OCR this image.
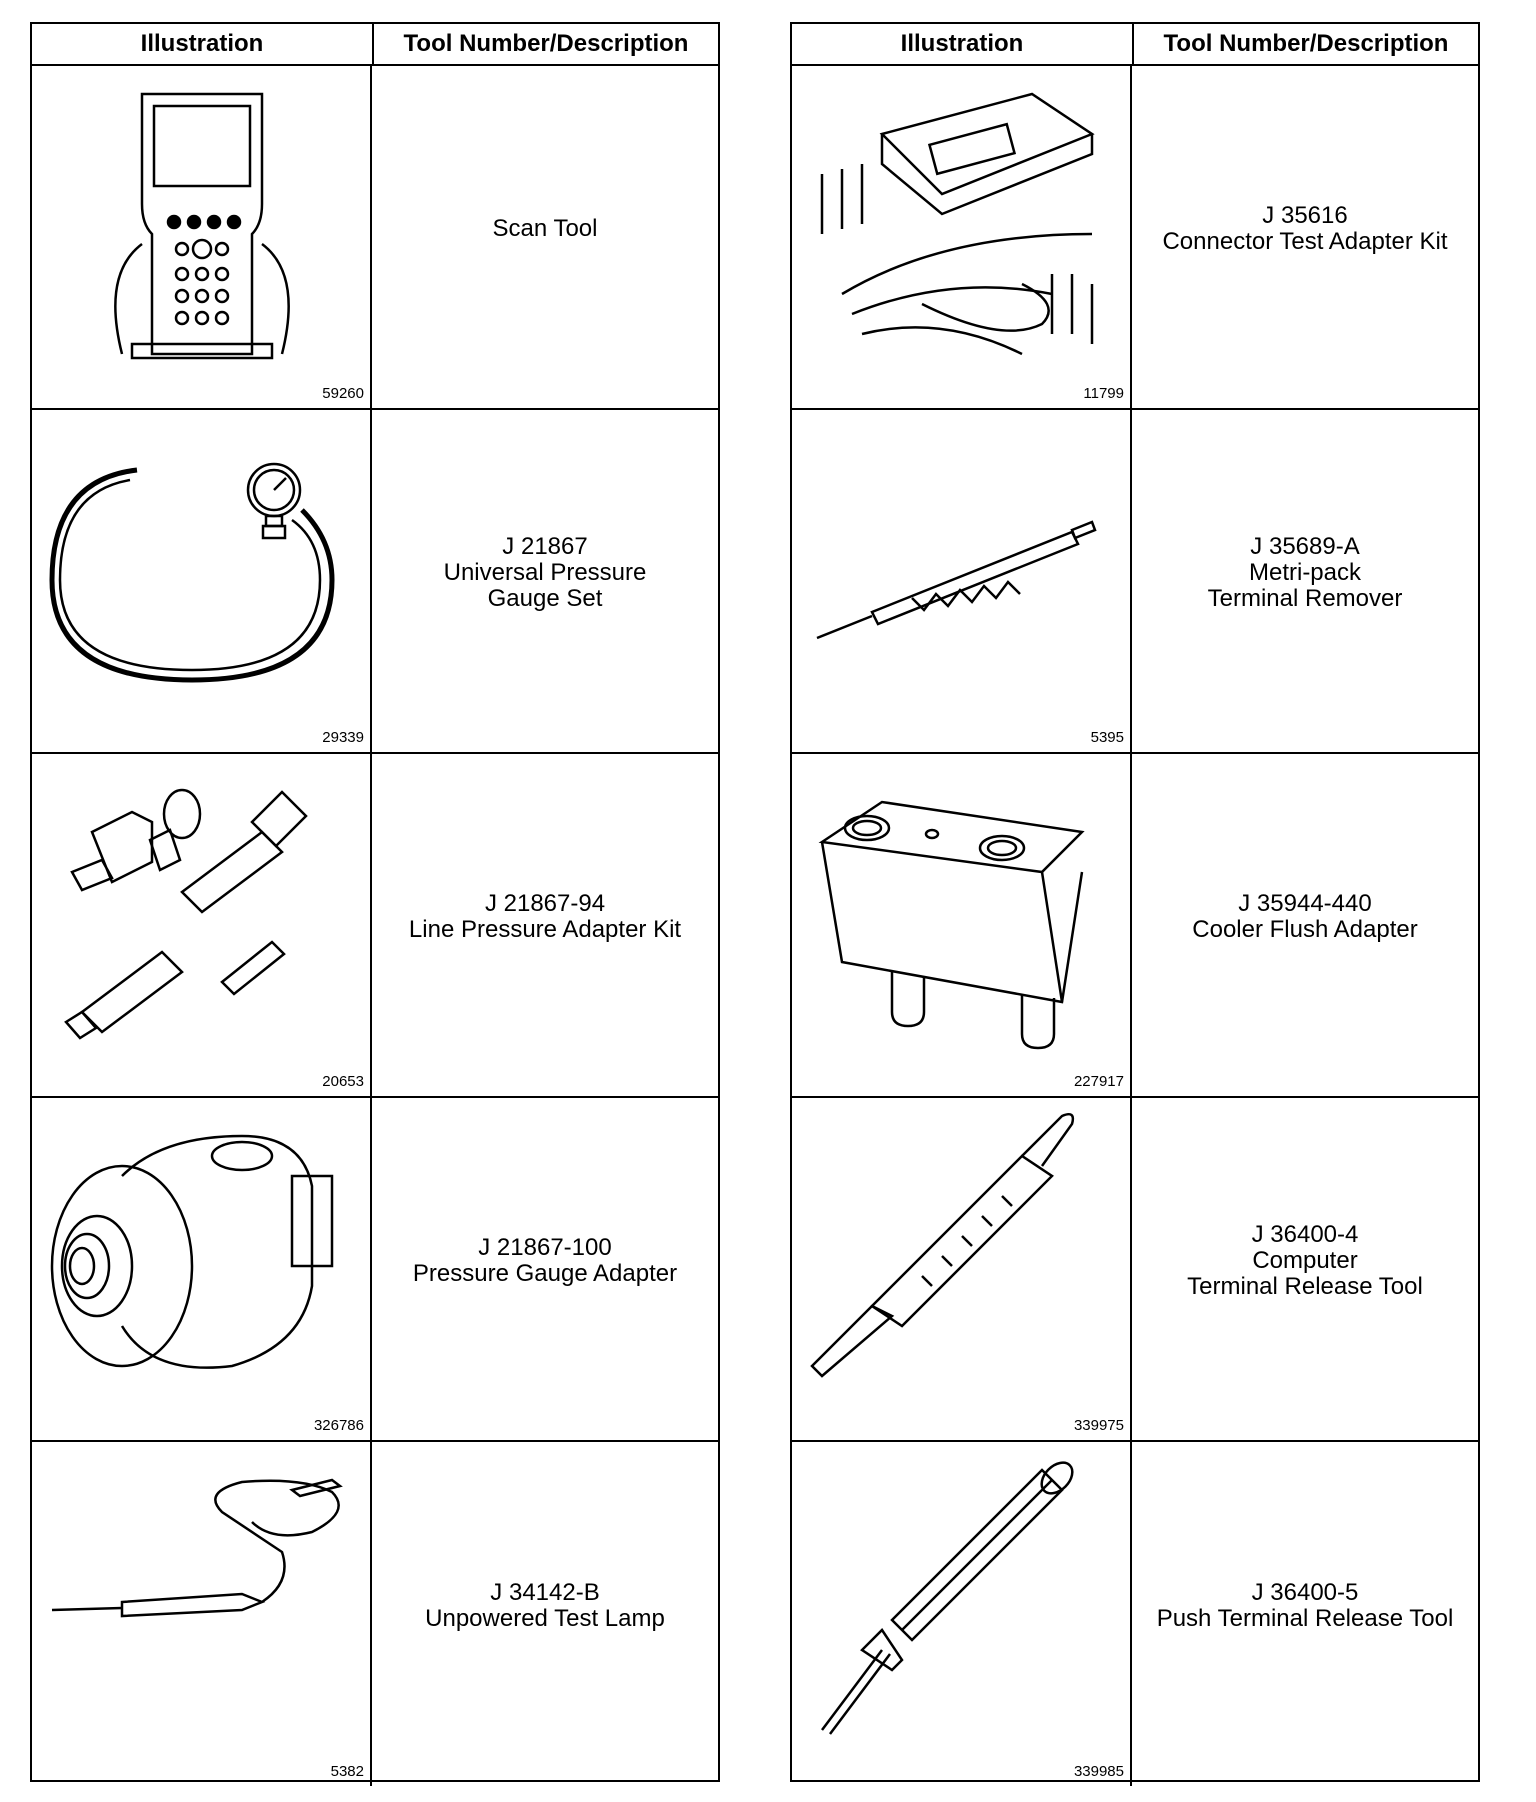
Illustration	Tool Number/Description
59260
Scan Tool
29339
J 21867
Universal Pressure
Gauge Set
20653
J 21867-94
Line Pressure Adapter Kit
326786
J 21867-100
Pressure Gauge Adapter
5382
J 34142-B
Unpowered Test Lamp
Illustration	Tool Number/Description
11799
J 35616
Connector Test Adapter Kit
5395
J 35689-A
Metri-pack
Terminal Remover
227917
J 35944-440
Cooler Flush Adapter
339975
J 36400-4
Computer
Terminal Release Tool
339985
J 36400-5
Push Terminal Release Tool
